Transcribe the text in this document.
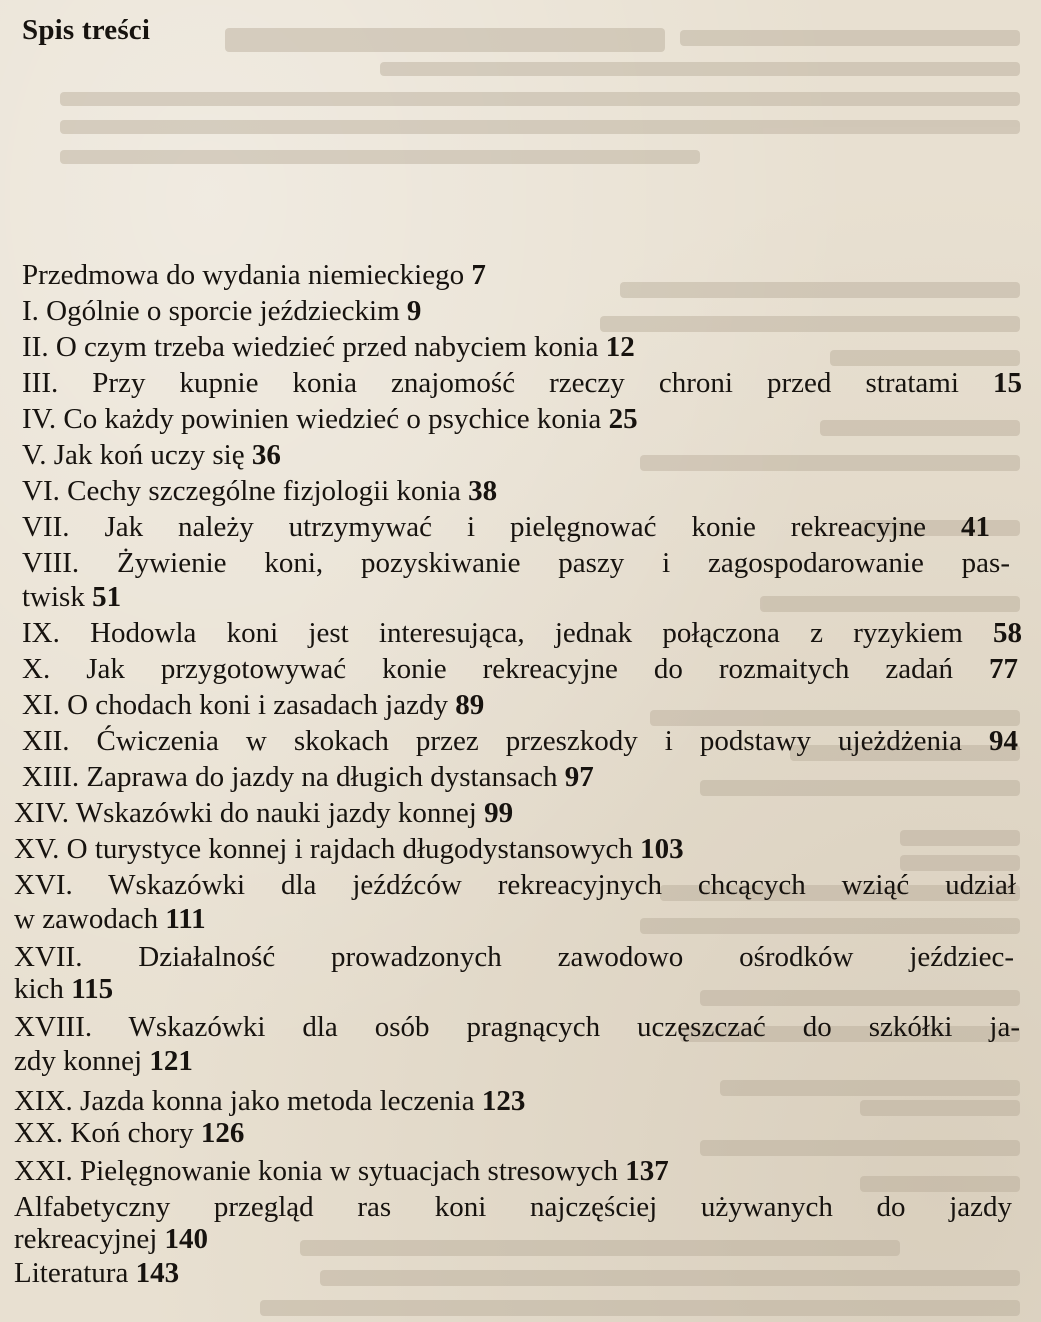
Spis treści
Przedmowa do wydania niemieckiego 7
I. Ogólnie o sporcie jeździeckim 9
II. O czym trzeba wiedzieć przed nabyciem konia 12
III. Przy kupnie konia znajomość rzeczy chroni przed stratami 15
IV. Co każdy powinien wiedzieć o psychice konia 25
V. Jak koń uczy się 36
VI. Cechy szczególne fizjologii konia 38
VII. Jak należy utrzymywać i pielęgnować konie rekreacyjne 41
VIII. Żywienie koni, pozyskiwanie paszy i zagospodarowanie pas-
twisk 51
IX. Hodowla koni jest interesująca, jednak połączona z ryzykiem 58
X. Jak przygotowywać konie rekreacyjne do rozmaitych zadań 77
XI. O chodach koni i zasadach jazdy 89
XII. Ćwiczenia w skokach przez przeszkody i podstawy ujeżdżenia 94
XIII. Zaprawa do jazdy na długich dystansach 97
XIV. Wskazówki do nauki jazdy konnej 99
XV. O turystyce konnej i rajdach długodystansowych 103
XVI. Wskazówki dla jeźdźców rekreacyjnych chcących wziąć udział
w zawodach 111
XVII. Działalność prowadzonych zawodowo ośrodków jeździec-
kich 115
XVIII. Wskazówki dla osób pragnących uczęszczać do szkółki ja-
zdy konnej 121
XIX. Jazda konna jako metoda leczenia 123
XX. Koń chory 126
XXI. Pielęgnowanie konia w sytuacjach stresowych 137
Alfabetyczny przegląd ras koni najczęściej używanych do jazdy
rekreacyjnej 140
Literatura 143
